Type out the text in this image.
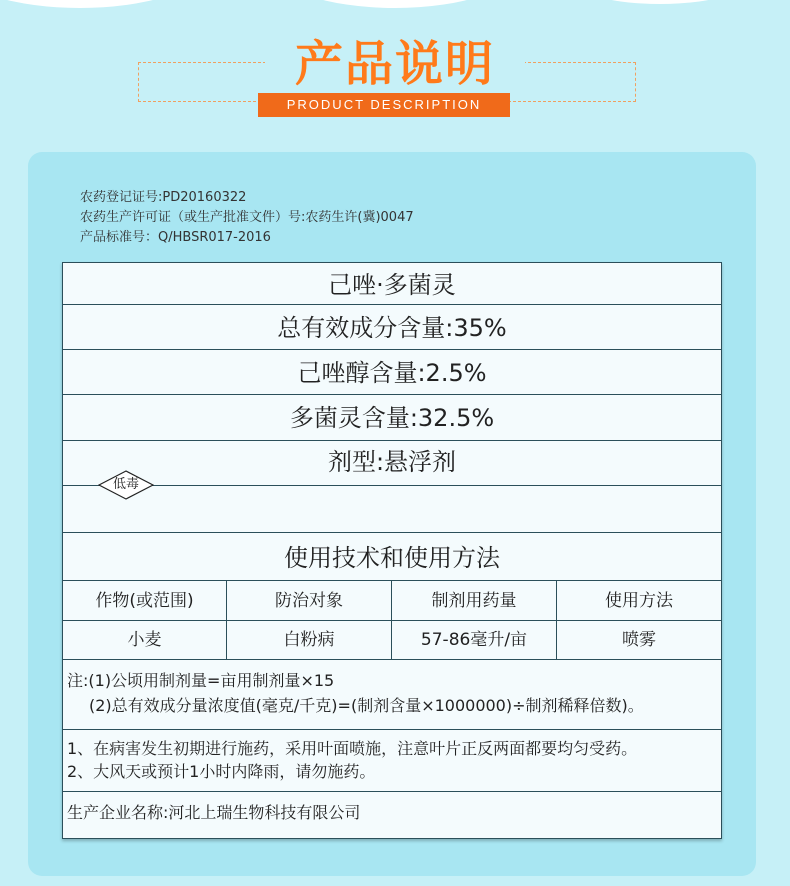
产品说明
PRODUCT DESCRIPTION
农药登记证号:PD20160322
农药生产许可证（或生产批准文件）号:农药生许(冀)0047
产品标准号：Q/HBSR017-2016
己唑·多菌灵
总有效成分含量:35%
己唑醇含量:2.5%
多菌灵含量:32.5%
剂型:悬浮剂
使用技术和使用方法
作物(或范围)	防治对象	制剂用药量	使用方法
小麦	白粉病	57-86毫升/亩	喷雾
注:(1)公顷用制剂量=亩用制剂量×15
(2)总有效成分量浓度值(毫克/千克)=(制剂含量×1000000)÷制剂稀释倍数)。
1、在病害发生初期进行施药，采用叶面喷施，注意叶片正反两面都要均匀受药。
2、大风天或预计1小时内降雨，请勿施药。
生产企业名称:河北上瑞生物科技有限公司
低毒
